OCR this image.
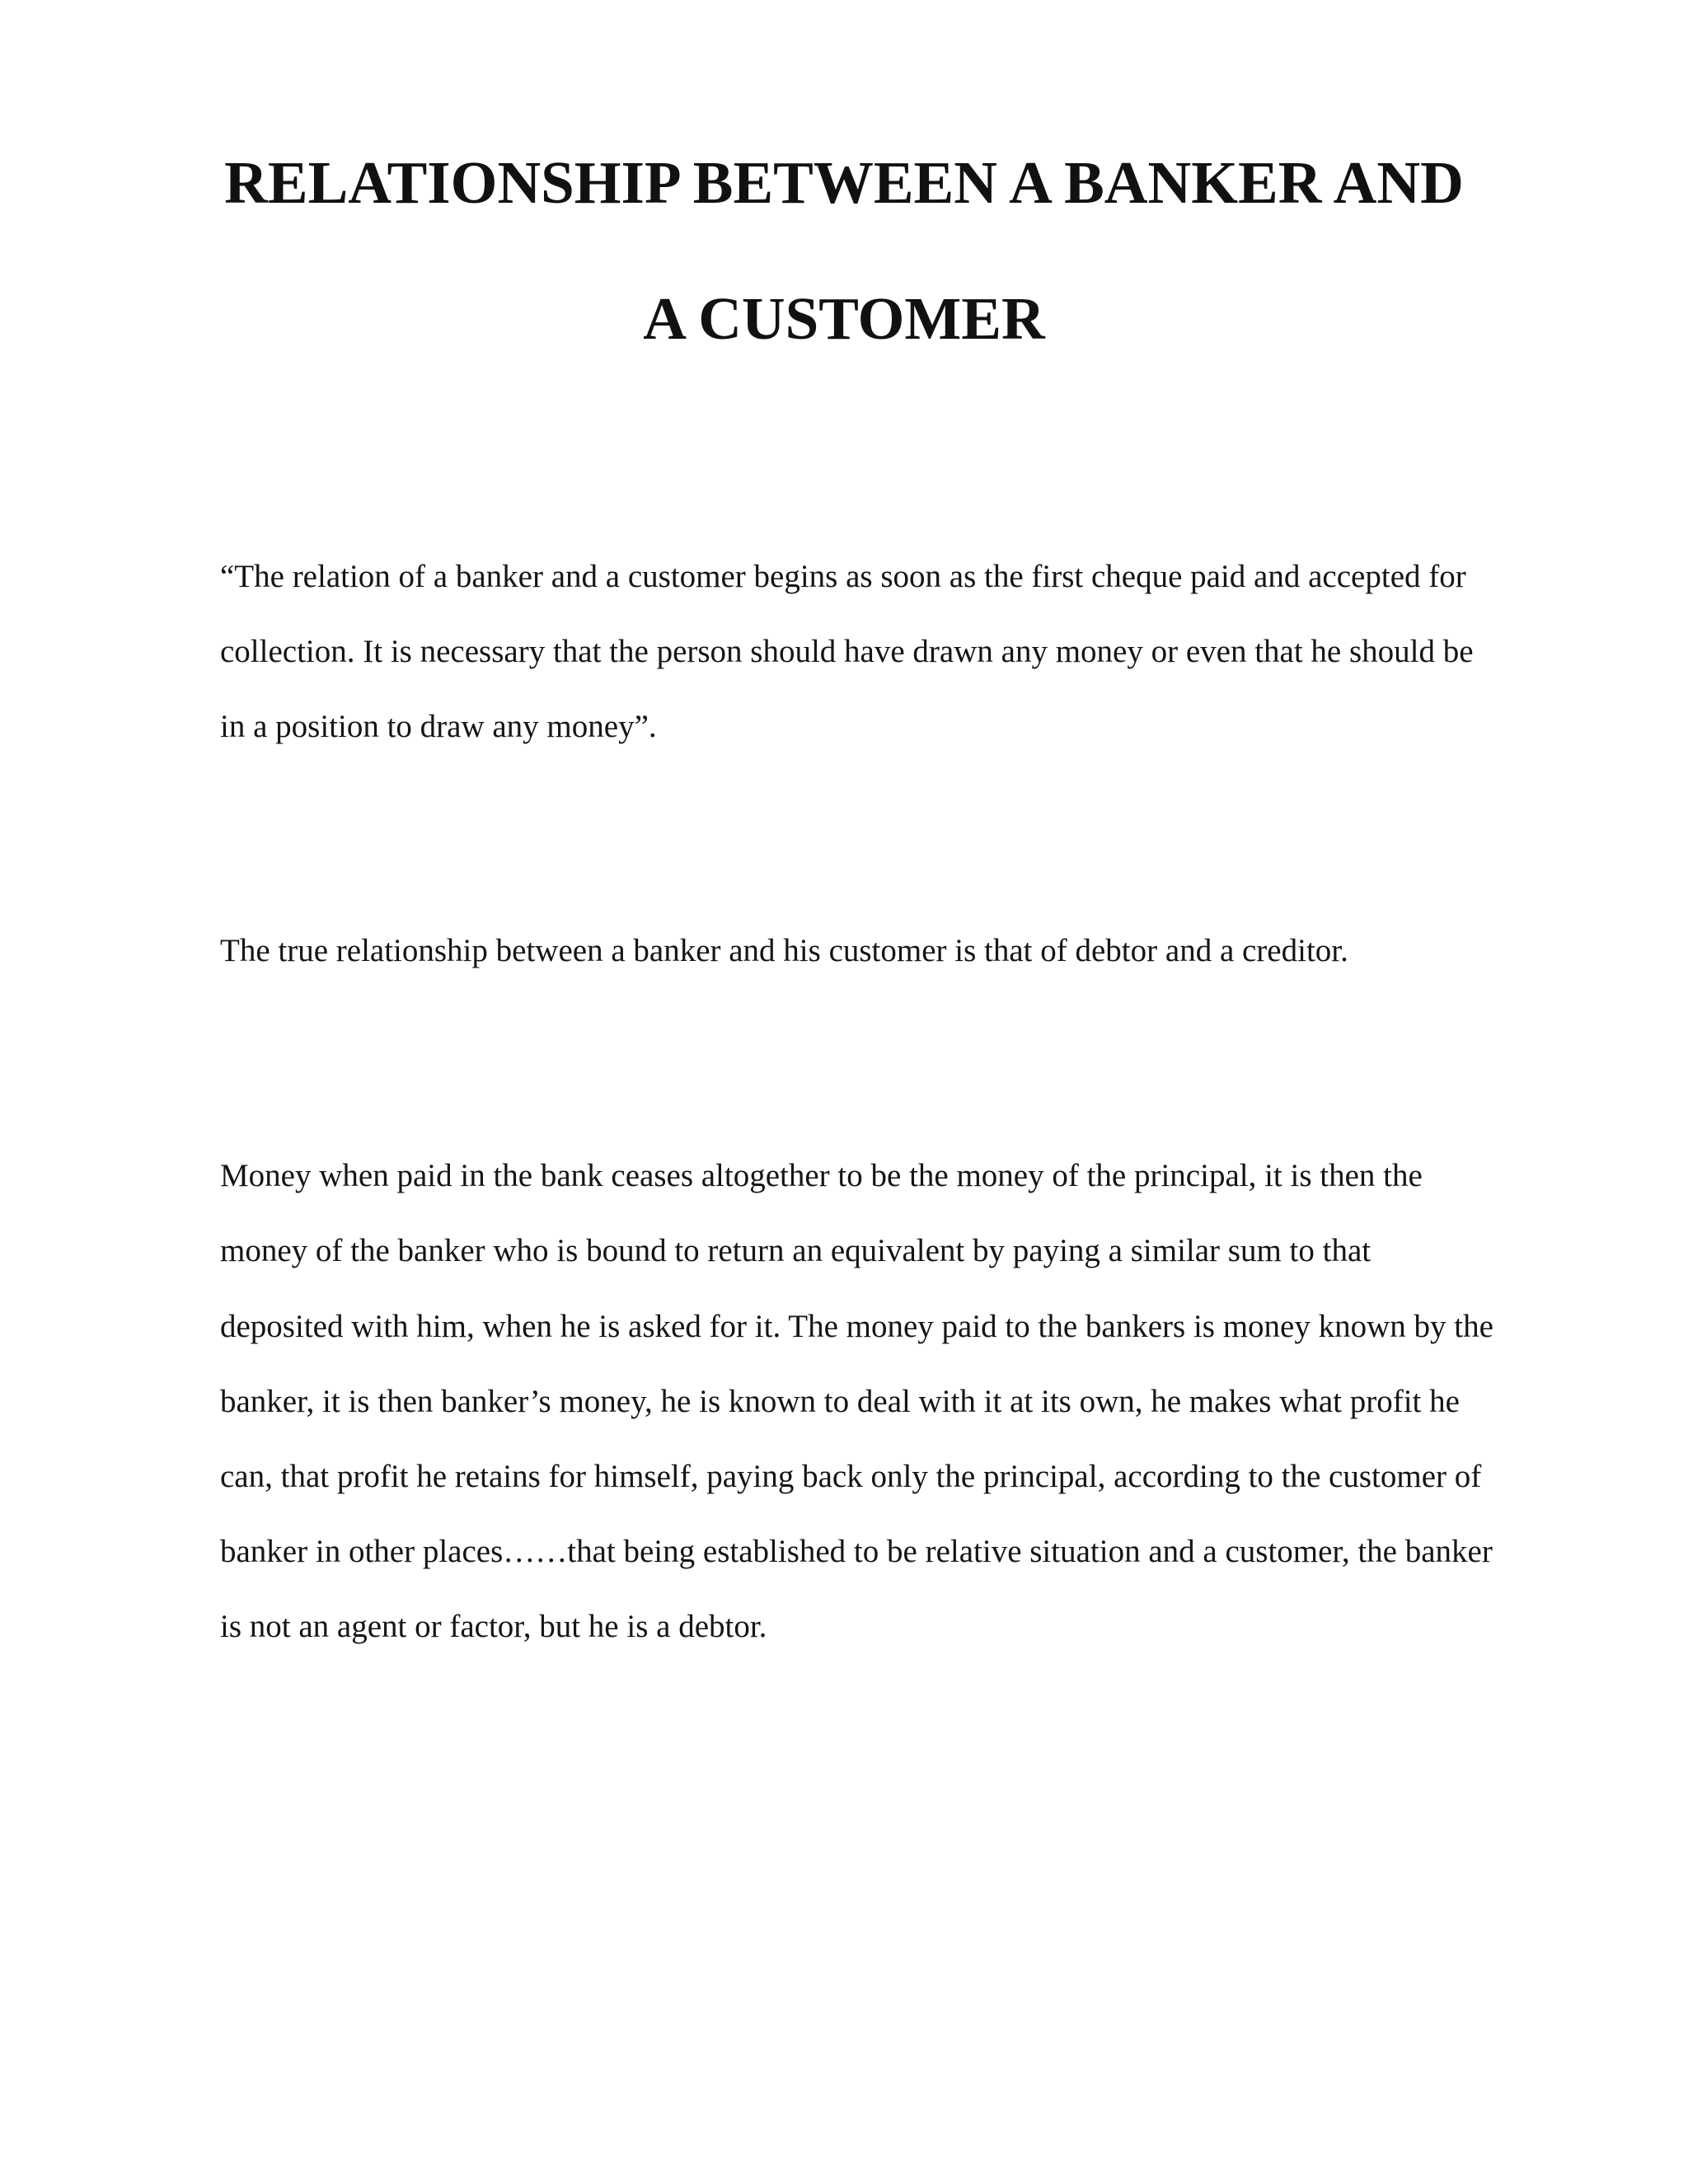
RELATIONSHIP BETWEEN A BANKER AND
A CUSTOMER

“The relation of a banker and a customer begins as soon as the first cheque paid and accepted for

collection. It is necessary that the person should have drawn any money or even that he should be

in a position to draw any money”.

The true relationship between a banker and his customer is that of debtor and a creditor.

Money when paid in the bank ceases altogether to be the money of the principal, it is then the

money of the banker who is bound to return an equivalent by paying a similar sum to that

deposited with him, when he is asked for it. The money paid to the bankers is money known by the

banker, it is then banker’s money, he is known to deal with it at its own, he makes what profit he

can, that profit he retains for himself, paying back only the principal, according to the customer of

banker in other places……that being established to be relative situation and a customer, the banker

is not an agent or factor, but he is a debtor.
